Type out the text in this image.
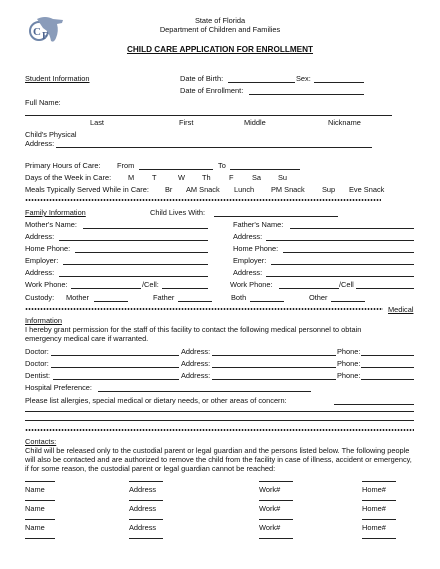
C F
State of Florida
Department of Children and Families
CHILD CARE APPLICATION FOR ENROLLMENT
Student Information	Date of Birth:	Sex:
Date of Enrollment:
Full Name:
Last	First	Middle	Nickname
Child's Physical
Address:
Primary Hours of Care: From	To
Days of the Week in Care: M T	W Th F Sa Su
Meals Typically Served While in Care: Br AM Snack Lunch PM Snack Sup Eve Snack
Family Information	Child Lives With:
Mother's Name:	Father's Name:
Address:	Address:
Home Phone:	Home Phone:
Employer:	Employer:
Address:	Address:
Work Phone:	/Cell:	Work Phone:	/Cell
Custody: Mother	Father	Both	Other
Medical
Information
I hereby grant permission for the staff of this facility to contact the following medical personnel to obtain emergency medical care if warranted.
Doctor:	Address:	Phone:
Doctor:	Address:	Phone:
Dentist:	Address:	Phone:
Hospital Preference:
Please list allergies, special medical or dietary needs, or other areas of concern:
Contacts:
Child will be released only to the custodial parent or legal guardian and the persons listed below. The following people will also be contacted and are authorized to remove the child from the facility in case of illness, accident or emergency, if for some reason, the custodial parent or legal guardian cannot be reached:
Name	Address	Work#	Home#
Name	Address	Work#	Home#
Name	Address	Work#	Home#
